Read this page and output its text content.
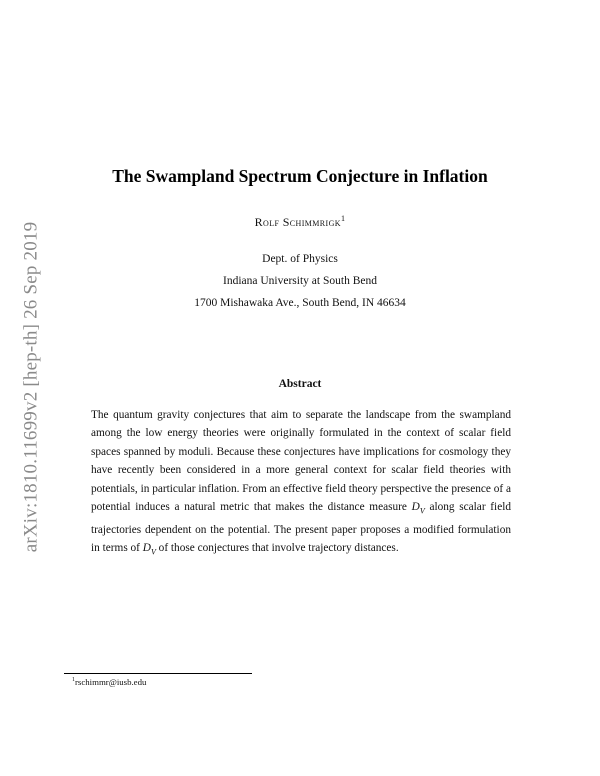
arXiv:1810.11699v2 [hep-th] 26 Sep 2019
The Swampland Spectrum Conjecture in Inflation
Rolf Schimmrigk$^1$
Dept. of Physics
Indiana University at South Bend
1700 Mishawaka Ave., South Bend, IN 46634
Abstract
The quantum gravity conjectures that aim to separate the landscape from the swampland among the low energy theories were originally formulated in the context of scalar field spaces spanned by moduli. Because these conjectures have implications for cosmology they have recently been considered in a more general context for scalar field theories with potentials, in particular inflation. From an effective field theory perspective the presence of a potential induces a natural metric that makes the distance measure $D_V$ along scalar field trajectories dependent on the potential. The present paper proposes a modified formulation in terms of $D_V$ of those conjectures that involve trajectory distances.
$^1$rschimmr@iusb.edu
